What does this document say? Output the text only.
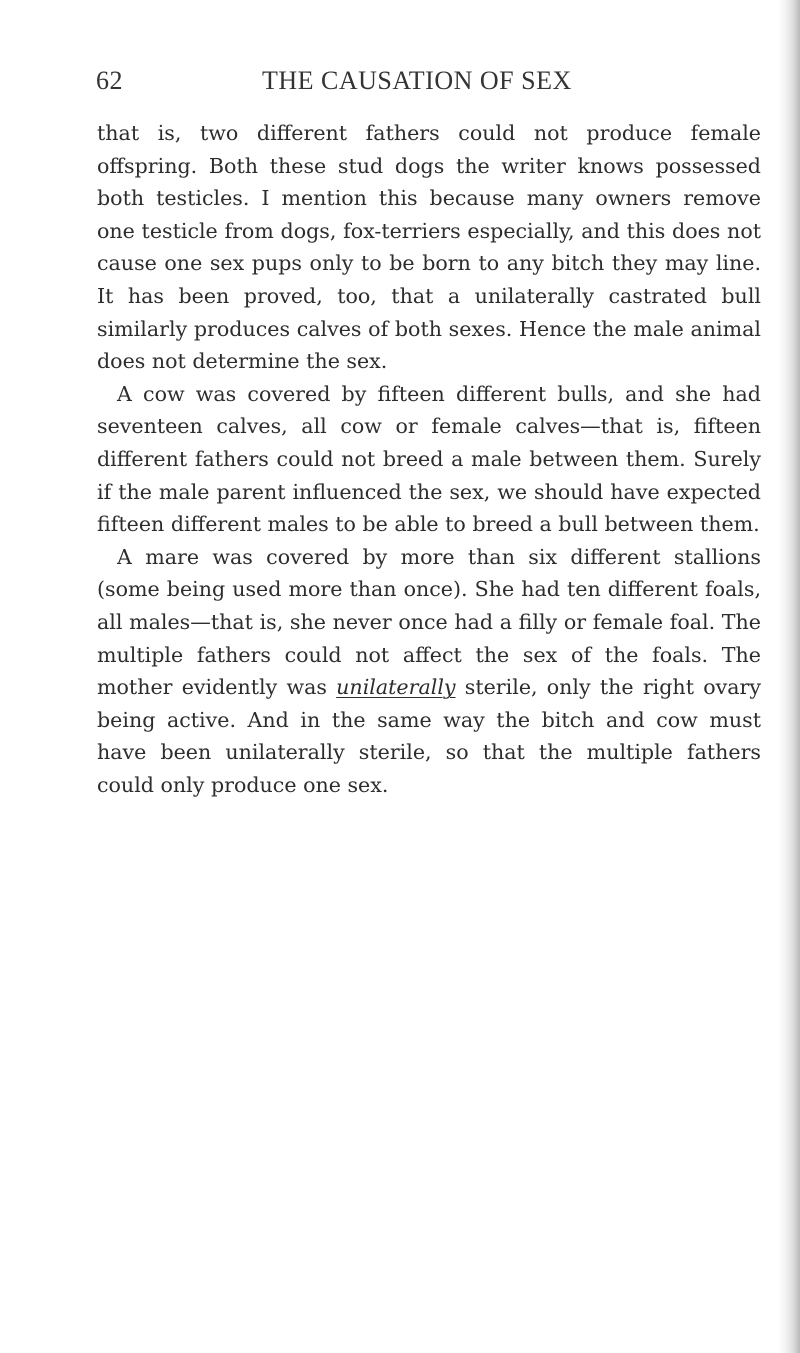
62	THE CAUSATION OF SEX

that is, two different fathers could not produce female offspring. Both these stud dogs the writer knows possessed both testicles. I mention this because many owners remove one testicle from dogs, fox-terriers especially, and this does not cause one sex pups only to be born to any bitch they may line. It has been proved, too, that a unilaterally castrated bull similarly produces calves of both sexes. Hence the male animal does not determine the sex.

A cow was covered by fifteen different bulls, and she had seventeen calves, all cow or female calves—that is, fifteen different fathers could not breed a male between them. Surely if the male parent influenced the sex, we should have expected fifteen different males to be able to breed a bull between them.

A mare was covered by more than six different stallions (some being used more than once). She had ten different foals, all males—that is, she never once had a filly or female foal. The multiple fathers could not affect the sex of the foals. The mother evidently was unilaterally sterile, only the right ovary being active. And in the same way the bitch and cow must have been unilaterally sterile, so that the multiple fathers could only produce one sex.
